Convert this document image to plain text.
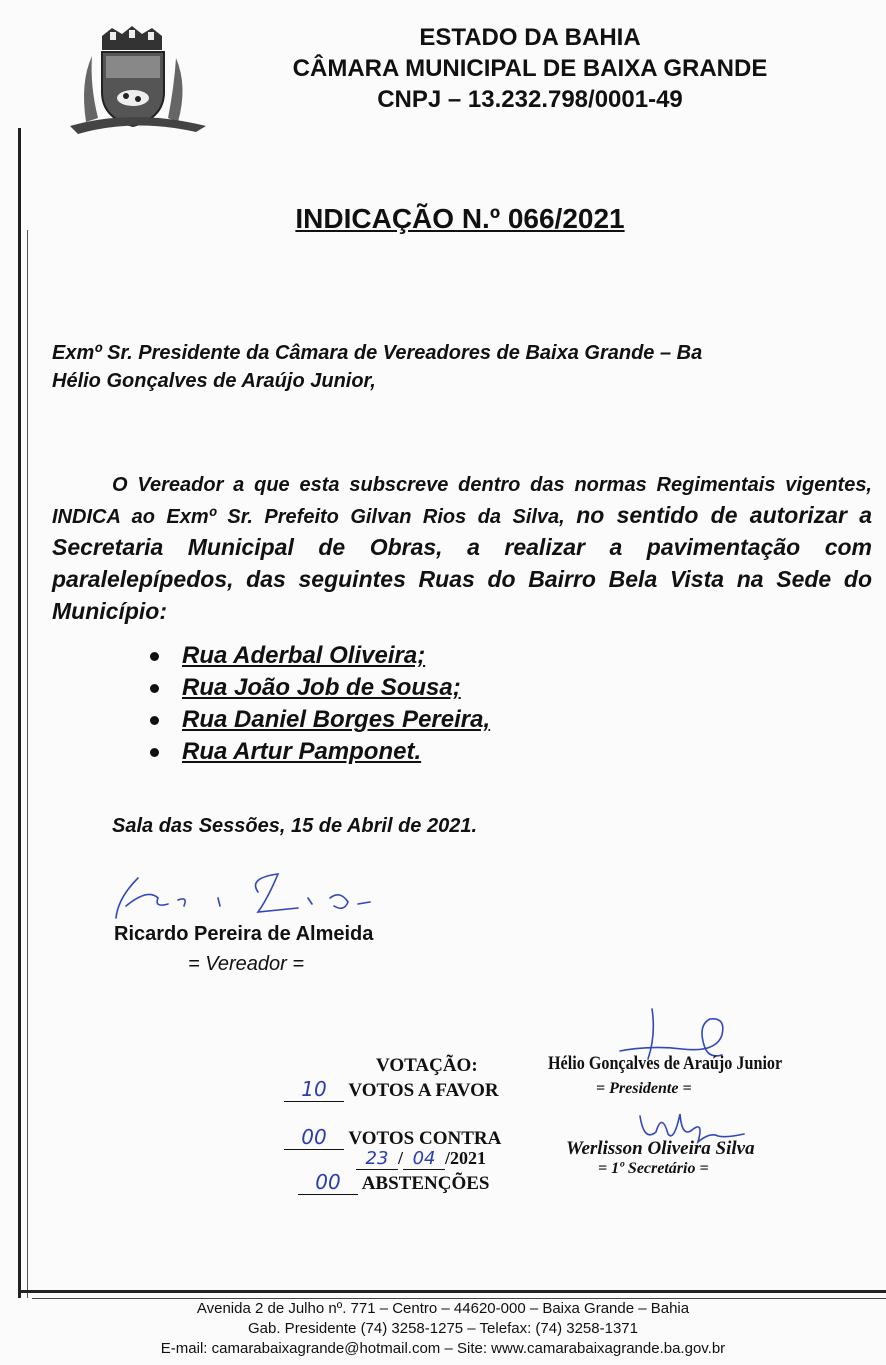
ESTADO DA BAHIA
CÂMARA MUNICIPAL DE BAIXA GRANDE
CNPJ – 13.232.798/0001-49
INDICAÇÃO N.º 066/2021
Exmº Sr. Presidente da Câmara de Vereadores de Baixa Grande – Ba
Hélio Gonçalves de Araújo Junior,
O Vereador a que esta subscreve dentro das normas Regimentais vigentes, INDICA ao Exmº Sr. Prefeito Gilvan Rios da Silva, no sentido de autorizar a Secretaria Municipal de Obras, a realizar a pavimentação com paralelepípedos, das seguintes Ruas do Bairro Bela Vista na Sede do Município:
Rua Aderbal Oliveira;
Rua João Job de Sousa;
Rua Daniel Borges Pereira,
Rua Artur Pamponet.
Sala das Sessões, 15 de Abril de 2021.
Ricardo Pereira de Almeida
= Vereador =
VOTAÇÃO:
10 VOTOS A FAVOR
00 VOTOS CONTRA
23 / 04 /2021
00 ABSTENÇÕES
Hélio Gonçalves de Araújo Junior
= Presidente =
Werlisson Oliveira Silva
= 1º Secretário =
Avenida 2 de Julho nº. 771 – Centro – 44620-000 – Baixa Grande – Bahia
Gab. Presidente (74) 3258-1275 – Telefax: (74) 3258-1371
E-mail: camarabaixagrande@hotmail.com – Site: www.camarabaixagrande.ba.gov.br
